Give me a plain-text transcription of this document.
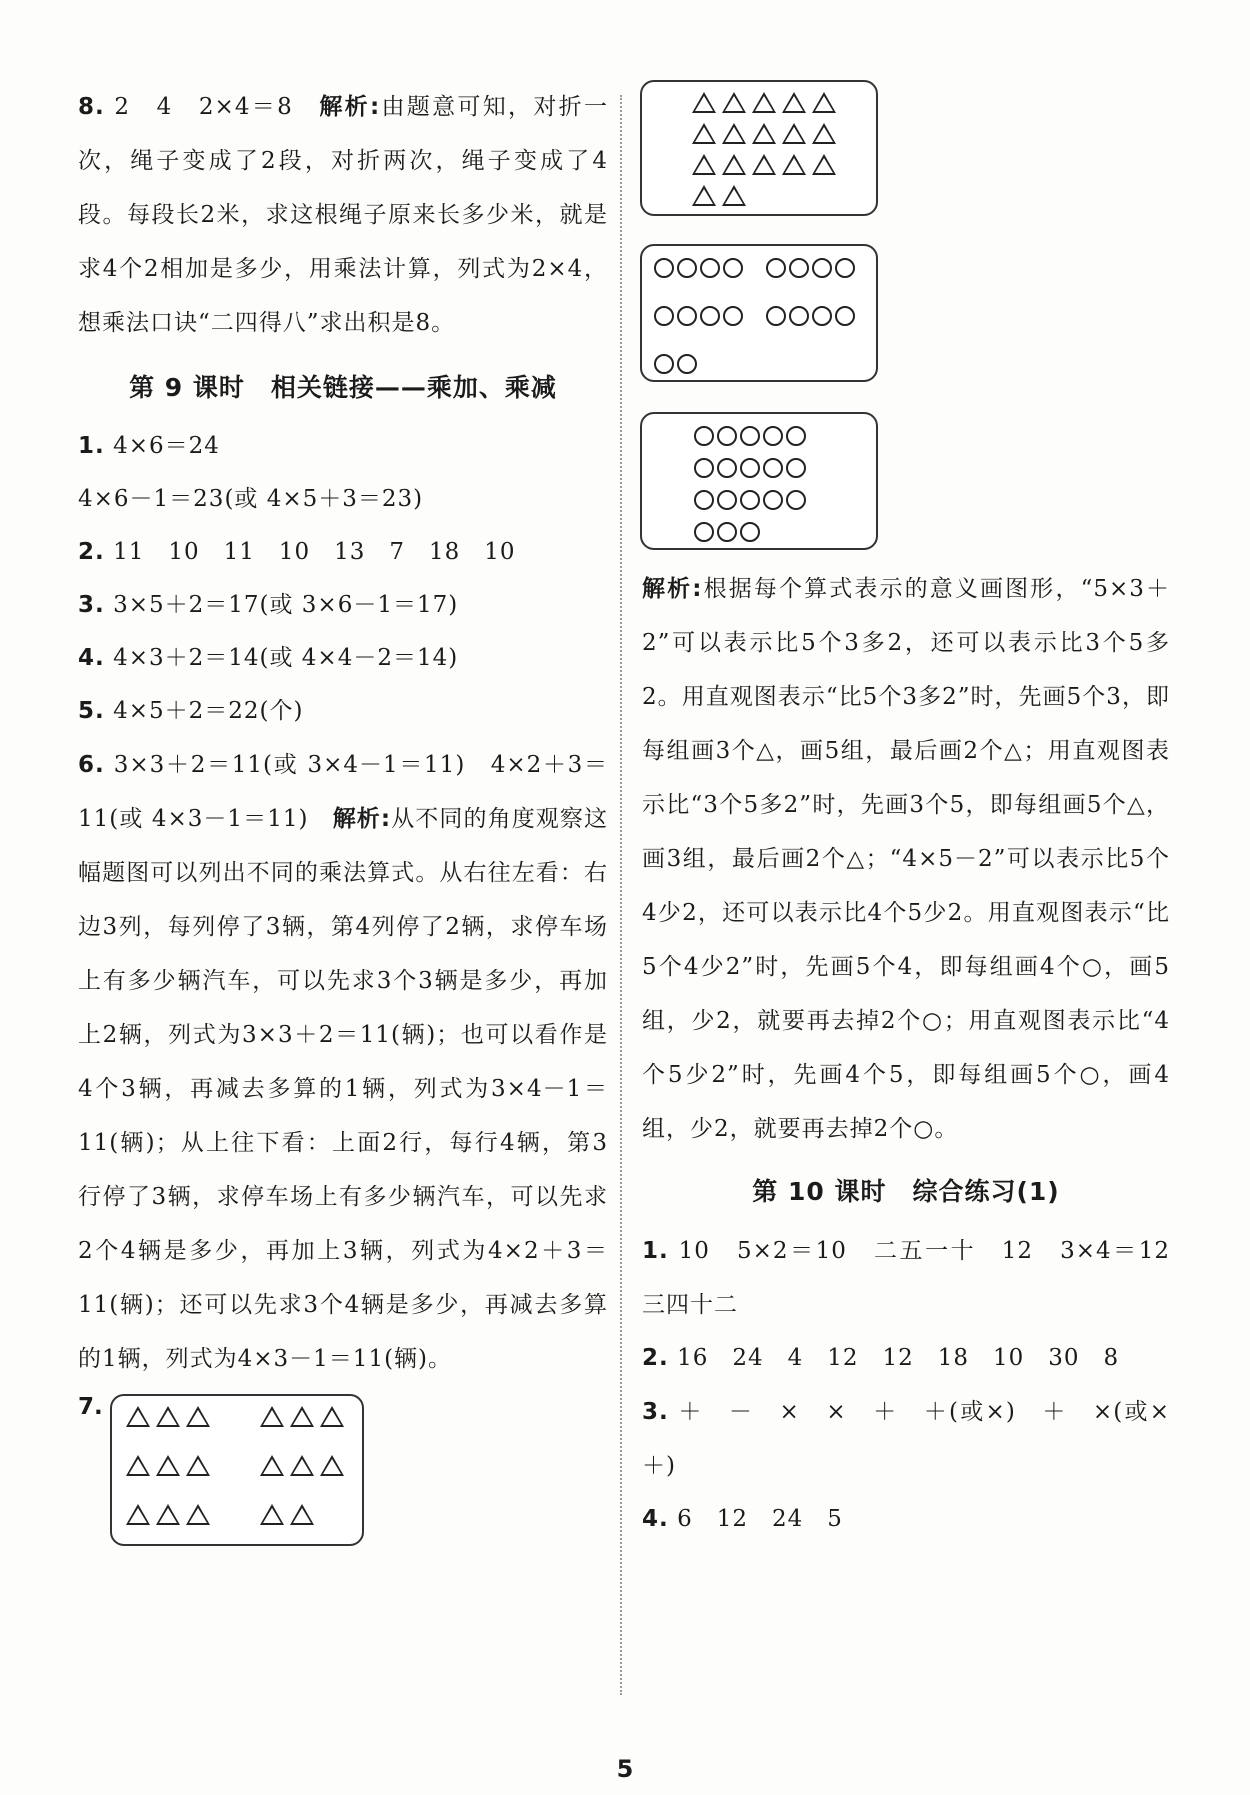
8. 2　4　2×4＝8　解析:由题意可知，对折一次，绳子变成了2段，对折两次，绳子变成了4段。每段长2米，求这根绳子原来长多少米，就是求4个2相加是多少，用乘法计算，列式为2×4，想乘法口诀“二四得八”求出积是8。

第 9 课时　相关链接——乘加、乘减

1. 4×6＝24

4×6－1＝23(或 4×5＋3＝23)

2. 11　10　11　10　13　7　18　10

3. 3×5＋2＝17(或 3×6－1＝17)

4. 4×3＋2＝14(或 4×4－2＝14)

5. 4×5＋2＝22(个)

6. 3×3＋2＝11(或 3×4－1＝11)　4×2＋3＝11(或 4×3－1＝11)　解析:从不同的角度观察这幅题图可以列出不同的乘法算式。从右往左看：右边3列，每列停了3辆，第4列停了2辆，求停车场上有多少辆汽车，可以先求3个3辆是多少，再加上2辆，列式为3×3＋2＝11(辆)；也可以看作是4个3辆，再减去多算的1辆，列式为3×4－1＝11(辆)；从上往下看：上面2行，每行4辆，第3行停了3辆，求停车场上有多少辆汽车，可以先求2个4辆是多少，再加上3辆，列式为4×2＋3＝11(辆)；还可以先求3个4辆是多少，再减去多算的1辆，列式为4×3－1＝11(辆)。

7.

解析:根据每个算式表示的意义画图形，“5×3＋2”可以表示比5个3多2，还可以表示比3个5多2。用直观图表示“比5个3多2”时，先画5个3，即每组画3个△，画5组，最后画2个△；用直观图表示比“3个5多2”时，先画3个5，即每组画5个△，画3组，最后画2个△；“4×5－2”可以表示比5个4少2，还可以表示比4个5少2。用直观图表示“比5个4少2”时，先画5个4，即每组画4个○，画5组，少2，就要再去掉2个○；用直观图表示比“4个5少2”时，先画4个5，即每组画5个○，画4组，少2，就要再去掉2个○。

第 10 课时　综合练习(1)

1. 10　5×2＝10　二五一十　12　3×4＝12 三四十二

2. 16　24　4　12　12　18　10　30　8

3. ＋　－　×　×　＋　＋(或×)　＋　×(或×　＋)

4. 6　12　24　5

5
